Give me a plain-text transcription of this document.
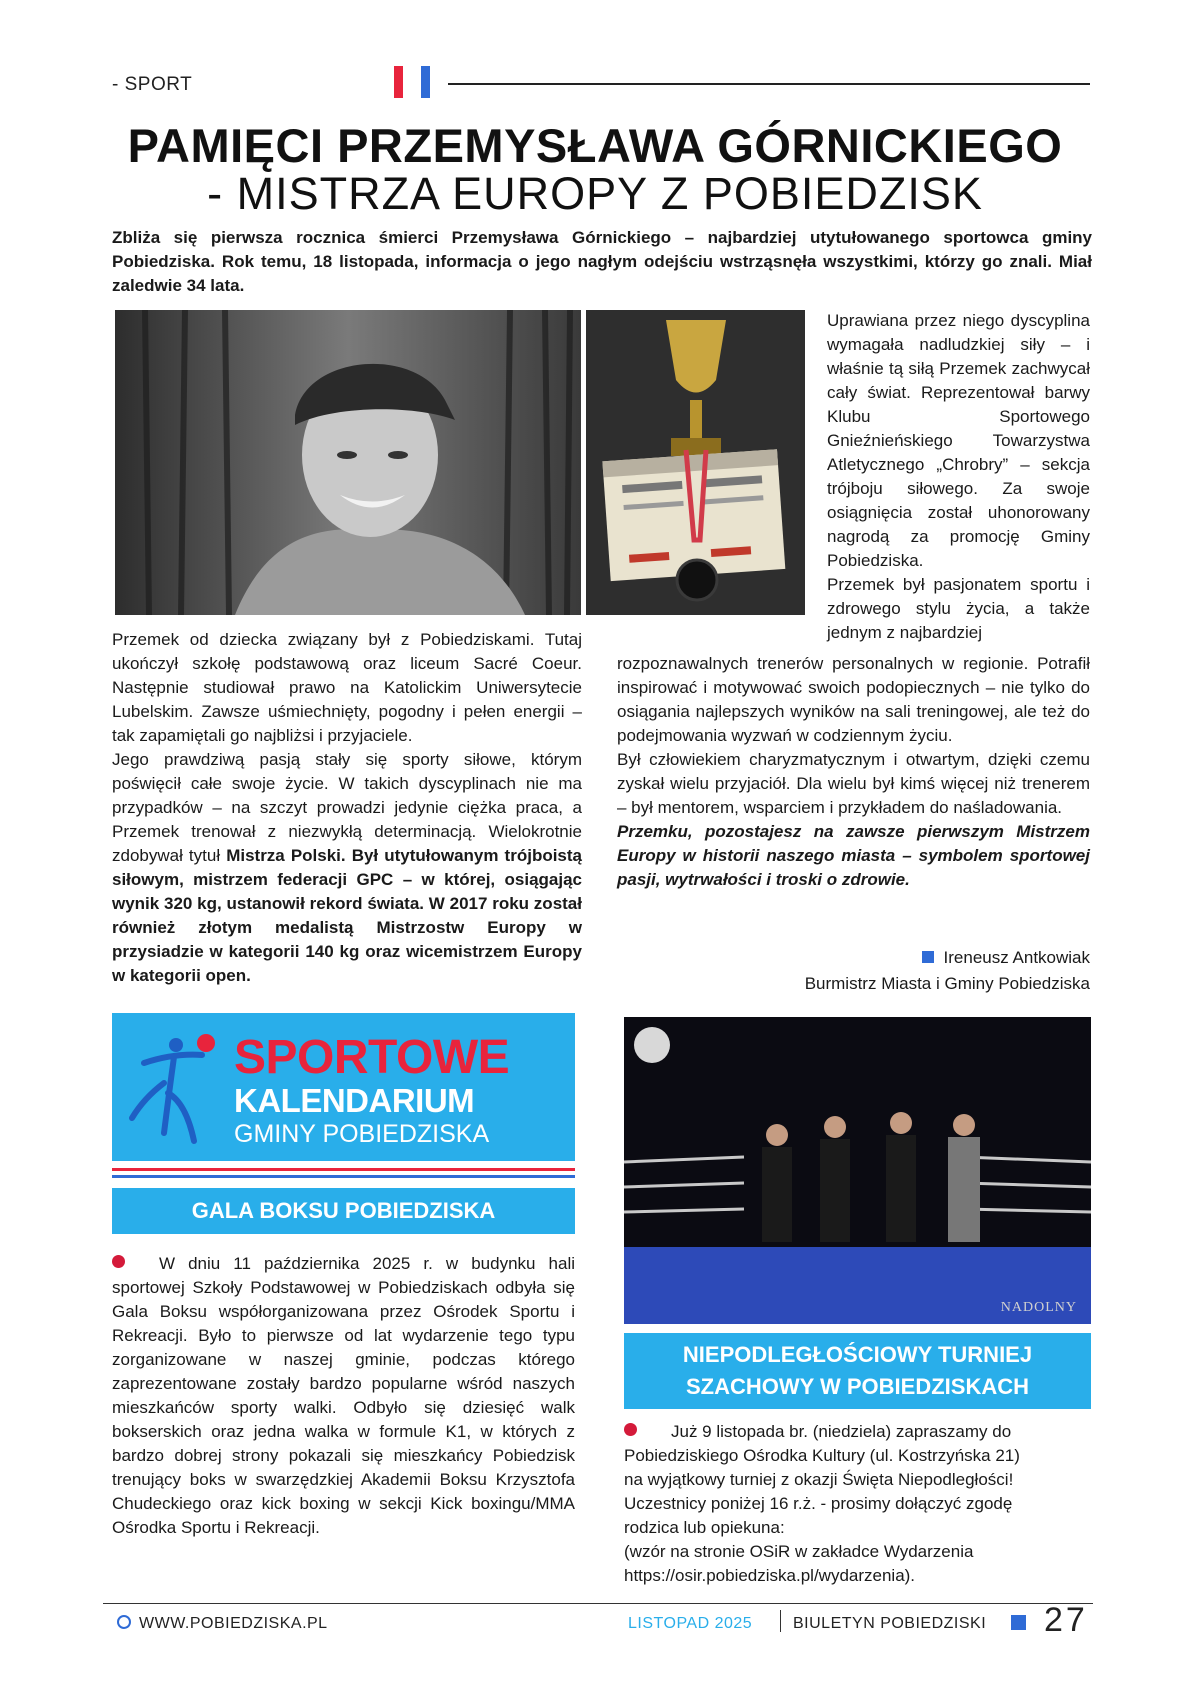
- SPORT
PAMIĘCI PRZEMYSŁAWA GÓRNICKIEGO
- MISTRZA EUROPY Z POBIEDZISK

Zbliża się pierwsza rocznica śmierci Przemysława Górnickiego – najbardziej utytułowanego sportowca gminy Pobiedziska. Rok temu, 18 listopada, informacja o jego nagłym odejściu wstrząsnęła wszystkimi, którzy go znali. Miał zaledwie 34 lata.

Uprawiana przez niego dyscyplina wymagała nadludzkiej siły – i właśnie tą siłą Przemek zachwycał cały świat. Reprezentował barwy Klubu Sportowego Gnieźnieńskiego Towarzystwa Atletycznego „Chrobry” – sekcja trójboju siłowego. Za swoje osiągnięcia został uhonorowany nagrodą za promocję Gminy Pobiedziska.

Przemek był pasjonatem sportu i zdrowego stylu życia, a także jednym z najbardziej

Przemek od dziecka związany był z Pobiedziskami. Tutaj ukończył szkołę podstawową oraz liceum Sacré Coeur. Następnie studiował prawo na Katolickim Uniwersytecie Lubelskim. Zawsze uśmiechnięty, pogodny i pełen energii – tak zapamiętali go najbliżsi i przyjaciele.

Jego prawdziwą pasją stały się sporty siłowe, którym poświęcił całe swoje życie. W takich dyscyplinach nie ma przypadków – na szczyt prowadzi jedynie ciężka praca, a Przemek trenował z niezwykłą determinacją. Wielokrotnie zdobywał tytuł Mistrza Polski. Był utytułowanym trójboistą siłowym, mistrzem federacji GPC – w której, osiągając wynik 320 kg, ustanowił rekord świata. W 2017 roku został również złotym medalistą Mistrzostw Europy w przysiadzie w kategorii 140 kg oraz wicemistrzem Europy w kategorii open.

rozpoznawalnych trenerów personalnych w regionie. Potrafił inspirować i motywować swoich podopiecznych – nie tylko do osiągania najlepszych wyników na sali treningowej, ale też do podejmowania wyzwań w codziennym życiu.

Był człowiekiem charyzmatycznym i otwartym, dzięki czemu zyskał wielu przyjaciół. Dla wielu był kimś więcej niż trenerem – był mentorem, wsparciem i przykładem do naśladowania.

Przemku, pozostajesz na zawsze pierwszym Mistrzem Europy w historii naszego miasta – symbolem sportowej pasji, wytrwałości i troski o zdrowie.

Ireneusz Antkowiak
Burmistrz Miasta i Gminy Pobiedziska
SPORTOWE
KALENDARIUM
GMINY POBIEDZISKA
GALA BOKSU POBIEDZISKA
W dniu 11 października 2025 r. w budynku hali sportowej Szkoły Podstawowej w Pobiedziskach odbyła się Gala Boksu współorganizowana przez Ośrodek Sportu i Rekreacji. Było to pierwsze od lat wydarzenie tego typu zorganizowane w naszej gminie, podczas którego zaprezentowane zostały bardzo popularne wśród naszych mieszkańców sporty walki. Odbyło się dziesięć walk bokserskich oraz jedna walka w formule K1, w których z bardzo dobrej strony pokazali się mieszkańcy Pobiedzisk trenujący boks w swarzędzkiej Akademii Boksu Krzysztofa Chudeckiego oraz kick boxing w sekcji Kick boxingu/MMA Ośrodka Sportu i Rekreacji.
NADOLNY
NIEPODLEGŁOŚCIOWY TURNIEJ
SZACHOWY W POBIEDZISKACH
Już 9 listopada br. (niedziela) zapraszamy do
Pobiedziskiego Ośrodka Kultury (ul. Kostrzyńska 21)
na wyjątkowy turniej z okazji Święta Niepodległości!
Uczestnicy poniżej 16 r.ż. - prosimy dołączyć zgodę
rodzica lub opiekuna:
(wzór na stronie OSiR w zakładce Wydarzenia
https://osir.pobiedziska.pl/wydarzenia).
WWW.POBIEDZISKA.PL	LISTOPAD 2025	BIULETYN POBIEDZISKI 27
